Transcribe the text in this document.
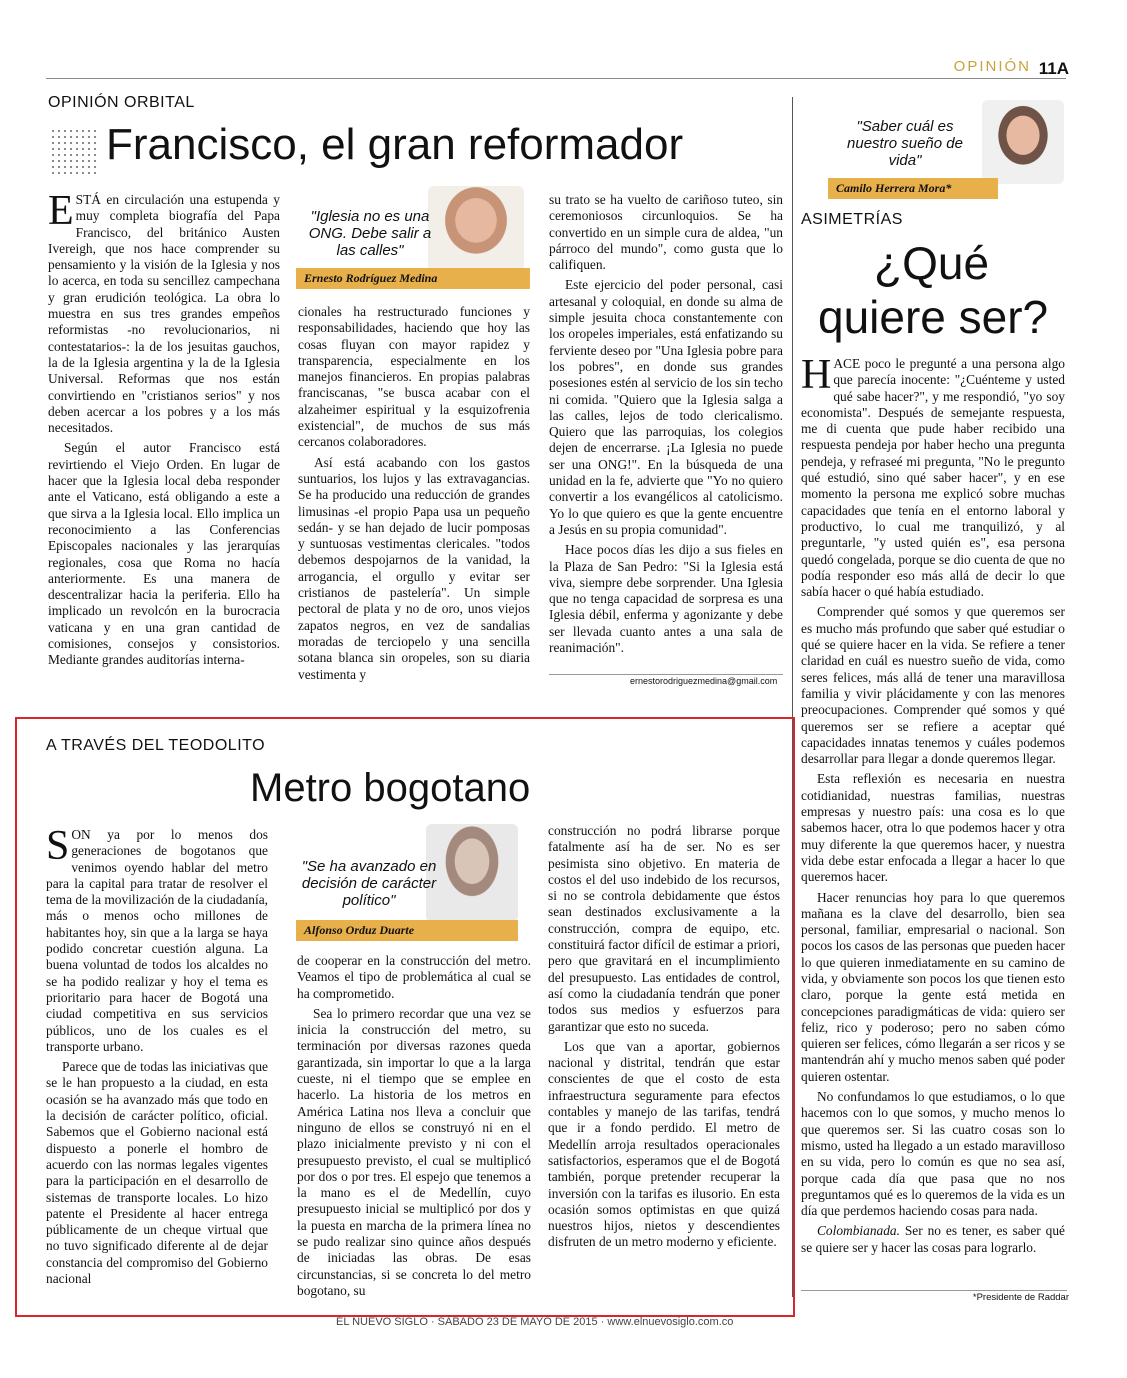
OPINIÓN 11A
OPINIÓN ORBITAL
Francisco, el gran reformador
"Iglesia no es una ONG. Debe salir a las calles"
Ernesto Rodríguez Medina

ESTÁ en circulación una estupenda y muy completa biografía del Papa Francisco, del británico Austen Ivereigh, que nos hace comprender su pensamiento y la visión de la Iglesia y nos lo acerca, en toda su sencillez campechana y gran erudición teológica. La obra lo muestra en sus tres grandes empeños reformistas -no revolucionarios, ni contestatarios-: la de los jesuitas gauchos, la de la Iglesia argentina y la de la Iglesia Universal. Reformas que nos están convirtiendo en "cristianos serios" y nos deben acercar a los pobres y a los más necesitados.

Según el autor Francisco está revirtiendo el Viejo Orden. En lugar de hacer que la Iglesia local deba responder ante el Vaticano, está obligando a este a que sirva a la Iglesia local. Ello implica un reconocimiento a las Conferencias Episcopales nacionales y las jerarquías regionales, cosa que Roma no hacía anteriormente. Es una manera de descentralizar hacia la periferia. Ello ha implicado un revolcón en la burocracia vaticana y en una gran cantidad de comisiones, consejos y consistorios. Mediante grandes auditorías interna-

cionales ha restructurado funciones y responsabilidades, haciendo que hoy las cosas fluyan con mayor rapidez y transparencia, especialmente en los manejos financieros. En propias palabras franciscanas, "se busca acabar con el alzaheimer espiritual y la esquizofrenia existencial", de muchos de sus más cercanos colaboradores.

Así está acabando con los gastos suntuarios, los lujos y las extravagancias. Se ha producido una reducción de grandes limusinas -el propio Papa usa un pequeño sedán- y se han dejado de lucir pomposas y suntuosas vestimentas clericales. "todos debemos despojarnos de la vanidad, la arrogancia, el orgullo y evitar ser cristianos de pastelería". Un simple pectoral de plata y no de oro, unos viejos zapatos negros, en vez de sandalias moradas de terciopelo y una sencilla sotana blanca sin oropeles, son su diaria vestimenta y

su trato se ha vuelto de cariñoso tuteo, sin ceremoniosos circunloquios. Se ha convertido en un simple cura de aldea, "un párroco del mundo", como gusta que lo califiquen.

Este ejercicio del poder personal, casi artesanal y coloquial, en donde su alma de simple jesuita choca constantemente con los oropeles imperiales, está enfatizando su ferviente deseo por "Una Iglesia pobre para los pobres", en donde sus grandes posesiones estén al servicio de los sin techo ni comida. "Quiero que la Iglesia salga a las calles, lejos de todo clericalismo. Quiero que las parroquias, los colegios dejen de encerrarse. ¡La Iglesia no puede ser una ONG!". En la búsqueda de una unidad en la fe, advierte que "Yo no quiero convertir a los evangélicos al catolicismo. Yo lo que quiero es que la gente encuentre a Jesús en su propia comunidad".

Hace pocos días les dijo a sus fieles en la Plaza de San Pedro: "Si la Iglesia está viva, siempre debe sorprender. Una Iglesia que no tenga capacidad de sorpresa es una Iglesia débil, enferma y agonizante y debe ser llevada cuanto antes a una sala de reanimación".

ernestorodriguezmedina@gmail.com
A TRAVÉS DEL TEODOLITO
Metro bogotano
"Se ha avanzado en decisión de carácter político"
Alfonso Orduz Duarte

SON ya por lo menos dos generaciones de bogotanos que venimos oyendo hablar del metro para la capital para tratar de resolver el tema de la movilización de la ciudadanía, más o menos ocho millones de habitantes hoy, sin que a la larga se haya podido concretar cuestión alguna. La buena voluntad de todos los alcaldes no se ha podido realizar y hoy el tema es prioritario para hacer de Bogotá una ciudad competitiva en sus servicios públicos, uno de los cuales es el transporte urbano.

Parece que de todas las iniciativas que se le han propuesto a la ciudad, en esta ocasión se ha avanzado más que todo en la decisión de carácter político, oficial. Sabemos que el Gobierno nacional está dispuesto a ponerle el hombro de acuerdo con las normas legales vigentes para la participación en el desarrollo de sistemas de transporte locales. Lo hizo patente el Presidente al hacer entrega públicamente de un cheque virtual que no tuvo significado diferente al de dejar constancia del compromiso del Gobierno nacional

de cooperar en la construcción del metro. Veamos el tipo de problemática al cual se ha comprometido.

Sea lo primero recordar que una vez se inicia la construcción del metro, su terminación por diversas razones queda garantizada, sin importar lo que a la larga cueste, ni el tiempo que se emplee en hacerlo. La historia de los metros en América Latina nos lleva a concluir que ninguno de ellos se construyó ni en el plazo inicialmente previsto y ni con el presupuesto previsto, el cual se multiplicó por dos o por tres. El espejo que tenemos a la mano es el de Medellín, cuyo presupuesto inicial se multiplicó por dos y la puesta en marcha de la primera línea no se pudo realizar sino quince años después de iniciadas las obras. De esas circunstancias, si se concreta lo del metro bogotano, su

construcción no podrá librarse porque fatalmente así ha de ser. No es ser pesimista sino objetivo. En materia de costos el del uso indebido de los recursos, si no se controla debidamente que éstos sean destinados exclusivamente a la construcción, compra de equipo, etc. constituirá factor difícil de estimar a priori, pero que gravitará en el incumplimiento del presupuesto. Las entidades de control, así como la ciudadanía tendrán que poner todos sus medios y esfuerzos para garantizar que esto no suceda.

Los que van a aportar, gobiernos nacional y distrital, tendrán que estar conscientes de que el costo de esta infraestructura seguramente para efectos contables y manejo de las tarifas, tendrá que ir a fondo perdido. El metro de Medellín arroja resultados operacionales satisfactorios, esperamos que el de Bogotá también, porque pretender recuperar la inversión con la tarifas es ilusorio. En esta ocasión somos optimistas en que quizá nuestros hijos, nietos y descendientes disfruten de un metro moderno y eficiente.

EL NUEVO SIGLO · SÁBADO 23 DE MAYO DE 2015 · www.elnuevosiglo.com.co
"Saber cuál es nuestro sueño de vida"
Camilo Herrera Mora*
ASIMETRÍAS
¿Qué
quiere ser?

HACE poco le pregunté a una persona algo que parecía inocente: "¿Cuénteme y usted qué sabe hacer?", y me respondió, "yo soy economista". Después de semejante respuesta, me di cuenta que pude haber recibido una respuesta pendeja por haber hecho una pregunta pendeja, y refraseé mi pregunta, "No le pregunto qué estudió, sino qué saber hacer", y en ese momento la persona me explicó sobre muchas capacidades que tenía en el entorno laboral y productivo, lo cual me tranquilizó, y al preguntarle, "y usted quién es", esa persona quedó congelada, porque se dio cuenta de que no podía responder eso más allá de decir lo que sabía hacer o qué había estudiado.

Comprender qué somos y que queremos ser es mucho más profundo que saber qué estudiar o qué se quiere hacer en la vida. Se refiere a tener claridad en cuál es nuestro sueño de vida, como seres felices, más allá de tener una maravillosa familia y vivir plácidamente y con las menores preocupaciones. Comprender qué somos y qué queremos ser se refiere a aceptar qué capacidades innatas tenemos y cuáles podemos desarrollar para llegar a donde queremos llegar.

Esta reflexión es necesaria en nuestra cotidianidad, nuestras familias, nuestras empresas y nuestro país: una cosa es lo que sabemos hacer, otra lo que podemos hacer y otra muy diferente la que queremos hacer, y nuestra vida debe estar enfocada a llegar a hacer lo que queremos hacer.

Hacer renuncias hoy para lo que queremos mañana es la clave del desarrollo, bien sea personal, familiar, empresarial o nacional. Son pocos los casos de las personas que pueden hacer lo que quieren inmediatamente en su camino de vida, y obviamente son pocos los que tienen esto claro, porque la gente está metida en concepciones paradigmáticas de vida: quiero ser feliz, rico y poderoso; pero no saben cómo quieren ser felices, cómo llegarán a ser ricos y se mantendrán ahí y mucho menos saben qué poder quieren ostentar.

No confundamos lo que estudiamos, o lo que hacemos con lo que somos, y mucho menos lo que queremos ser. Si las cuatro cosas son lo mismo, usted ha llegado a un estado maravilloso en su vida, pero lo común es que no sea así, porque cada día que pasa que no nos preguntamos qué es lo queremos de la vida es un día que perdemos haciendo cosas para nada.

Colombianada. Ser no es tener, es saber qué se quiere ser y hacer las cosas para lograrlo.

*Presidente de Raddar
